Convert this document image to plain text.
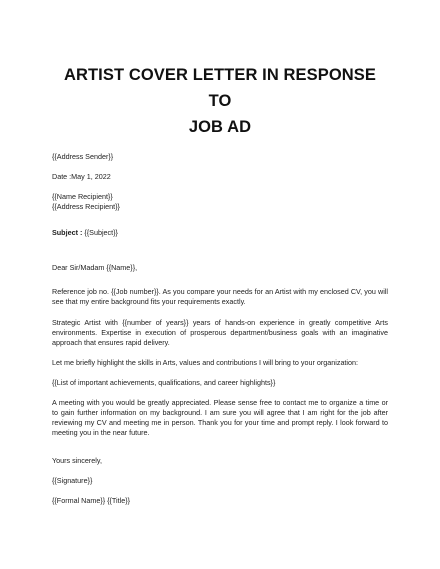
ARTIST COVER LETTER IN RESPONSE TO
JOB AD

{{Address Sender}}

Date :May 1, 2022

{{Name Recipient}}
{{Address Recipient}}

Subject : {{Subject}}

Dear Sir/Madam {{Name}},

Reference job no. {{Job number}}. As you compare your needs for an Artist with my enclosed CV, you will see that my entire background fits your requirements exactly.

Strategic Artist with {{number of years}} years of hands-on experience in greatly competitive Arts environments. Expertise in execution of prosperous department/business goals with an imaginative approach that ensures rapid delivery.

Let me briefly highlight the skills in Arts, values and contributions I will bring to your organization:

{{List of important achievements, qualifications, and career highlights}}

A meeting with you would be greatly appreciated. Please sense free to contact me to organize a time or to gain further information on my background. I am sure you will agree that I am right for the job after reviewing my CV and meeting me in person. Thank you for your time and prompt reply. I look forward to meeting you in the near future.

Yours sincerely,

{{Signature}}

{{Formal Name}} {{Title}}
